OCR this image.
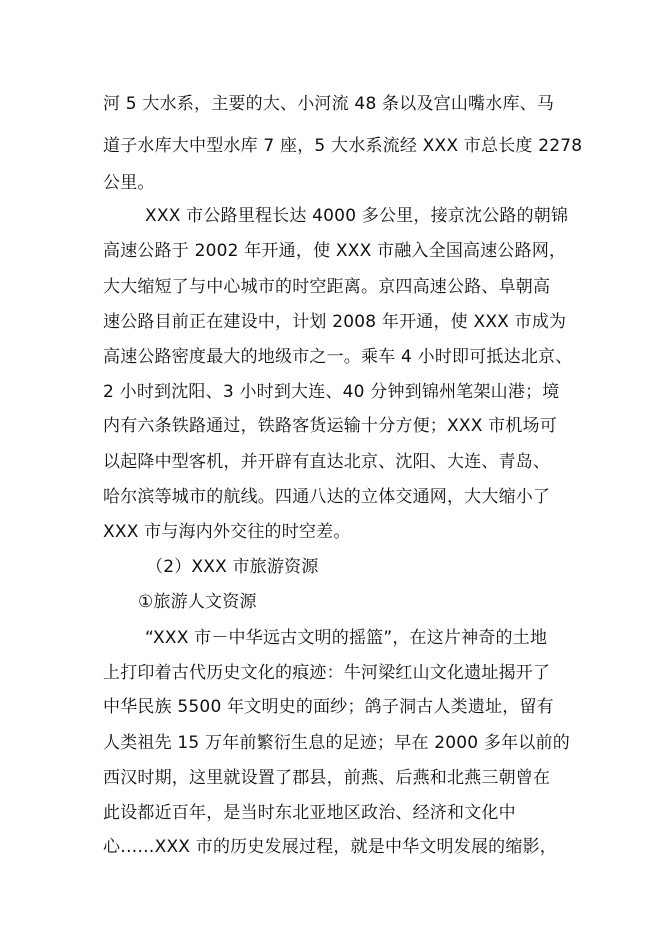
河 5 大水系，主要的大、小河流 48 条以及宫山嘴水库、马
道子水库大中型水库 7 座，5 大水系流经 XXX 市总长度 2278
公里。
XXX 市公路里程长达 4000 多公里，接京沈公路的朝锦
高速公路于 2002 年开通，使 XXX 市融入全国高速公路网，
大大缩短了与中心城市的时空距离。京四高速公路、阜朝高
速公路目前正在建设中，计划 2008 年开通，使 XXX 市成为
高速公路密度最大的地级市之一。乘车 4 小时即可抵达北京、
2 小时到沈阳、3 小时到大连、40 分钟到锦州笔架山港；境
内有六条铁路通过，铁路客货运输十分方便；XXX 市机场可
以起降中型客机，并开辟有直达北京、沈阳、大连、青岛、
哈尔滨等城市的航线。四通八达的立体交通网，大大缩小了
XXX 市与海内外交往的时空差。
（2）XXX 市旅游资源
①旅游人文资源
“XXX 市－中华远古文明的摇篮”，在这片神奇的土地
上打印着古代历史文化的痕迹：牛河梁红山文化遗址揭开了
中华民族 5500 年文明史的面纱；鸽子洞古人类遗址，留有
人类祖先 15 万年前繁衍生息的足迹；早在 2000 多年以前的
西汉时期，这里就设置了郡县，前燕、后燕和北燕三朝曾在
此设都近百年，是当时东北亚地区政治、经济和文化中
心……XXX 市的历史发展过程，就是中华文明发展的缩影，
